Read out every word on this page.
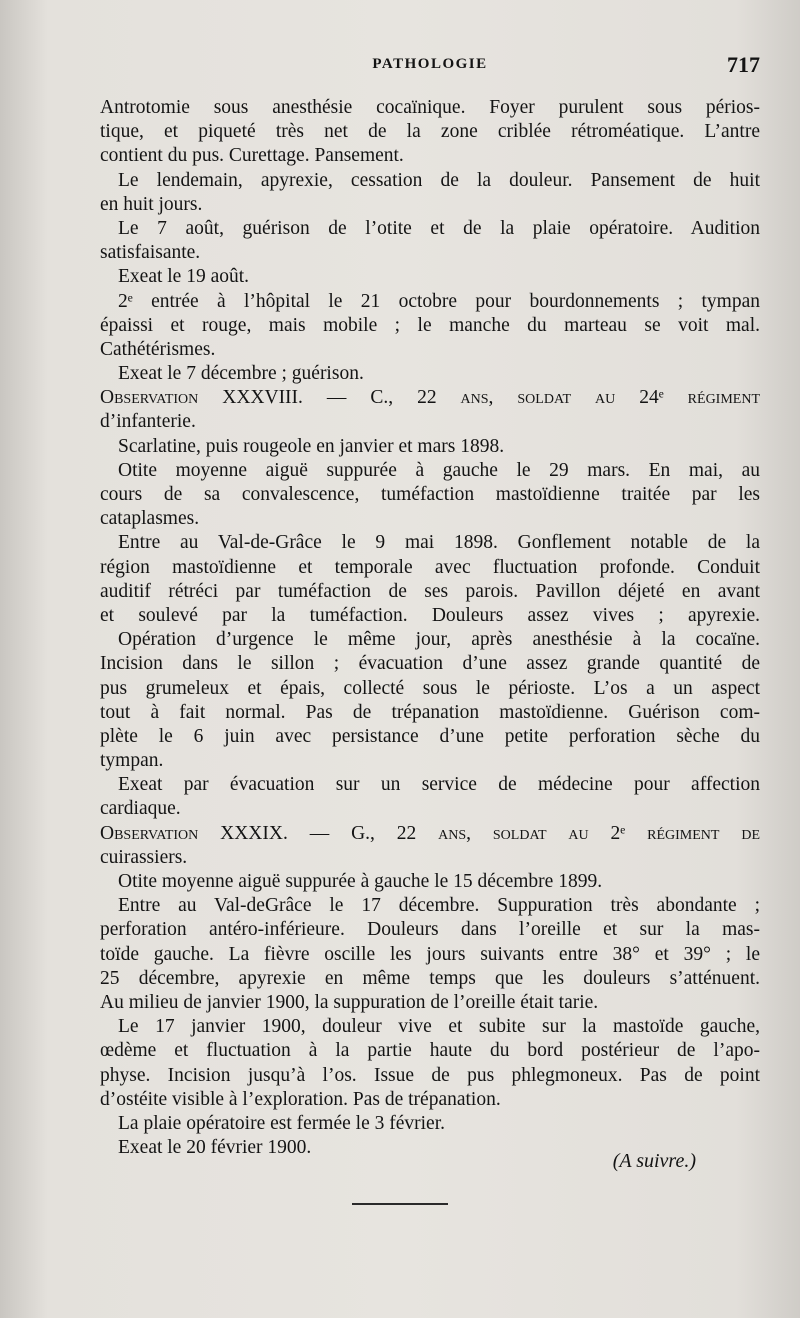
PATHOLOGIE	717
Antrotomie sous anesthésie cocaïnique. Foyer purulent sous périos-
tique, et piqueté très net de la zone criblée rétroméatique. L’antre
contient du pus. Curettage. Pansement.
Le lendemain, apyrexie, cessation de la douleur. Pansement de huit
en huit jours.
Le 7 août, guérison de l’otite et de la plaie opératoire. Audition
satisfaisante.
Exeat le 19 août.
2ᵉ entrée à l’hôpital le 21 octobre pour bourdonnements ; tympan
épaissi et rouge, mais mobile ; le manche du marteau se voit mal.
Cathétérismes.
Exeat le 7 décembre ; guérison.
Observation XXXVIII. — C., 22 ans, soldat au 24ᵉ régiment
d’infanterie.
Scarlatine, puis rougeole en janvier et mars 1898.
Otite moyenne aiguë suppurée à gauche le 29 mars. En mai, au
cours de sa convalescence, tuméfaction mastoïdienne traitée par les
cataplasmes.
Entre au Val-de-Grâce le 9 mai 1898. Gonflement notable de la
région mastoïdienne et temporale avec fluctuation profonde. Conduit
auditif rétréci par tuméfaction de ses parois. Pavillon déjeté en avant
et soulevé par la tuméfaction. Douleurs assez vives ; apyrexie.
Opération d’urgence le même jour, après anesthésie à la cocaïne.
Incision dans le sillon ; évacuation d’une assez grande quantité de
pus grumeleux et épais, collecté sous le périoste. L’os a un aspect
tout à fait normal. Pas de trépanation mastoïdienne. Guérison com-
plète le 6 juin avec persistance d’une petite perforation sèche du
tympan.
Exeat par évacuation sur un service de médecine pour affection
cardiaque.
Observation XXXIX. — G., 22 ans, soldat au 2ᵉ régiment de
cuirassiers.
Otite moyenne aiguë suppurée à gauche le 15 décembre 1899.
Entre au Val-deGrâce le 17 décembre. Suppuration très abondante ;
perforation antéro-inférieure. Douleurs dans l’oreille et sur la mas-
toïde gauche. La fièvre oscille les jours suivants entre 38° et 39° ; le
25 décembre, apyrexie en même temps que les douleurs s’atténuent.
Au milieu de janvier 1900, la suppuration de l’oreille était tarie.
Le 17 janvier 1900, douleur vive et subite sur la mastoïde gauche,
œdème et fluctuation à la partie haute du bord postérieur de l’apo-
physe. Incision jusqu’à l’os. Issue de pus phlegmoneux. Pas de point
d’ostéite visible à l’exploration. Pas de trépanation.
La plaie opératoire est fermée le 3 février.
Exeat le 20 février 1900.
(A suivre.)
